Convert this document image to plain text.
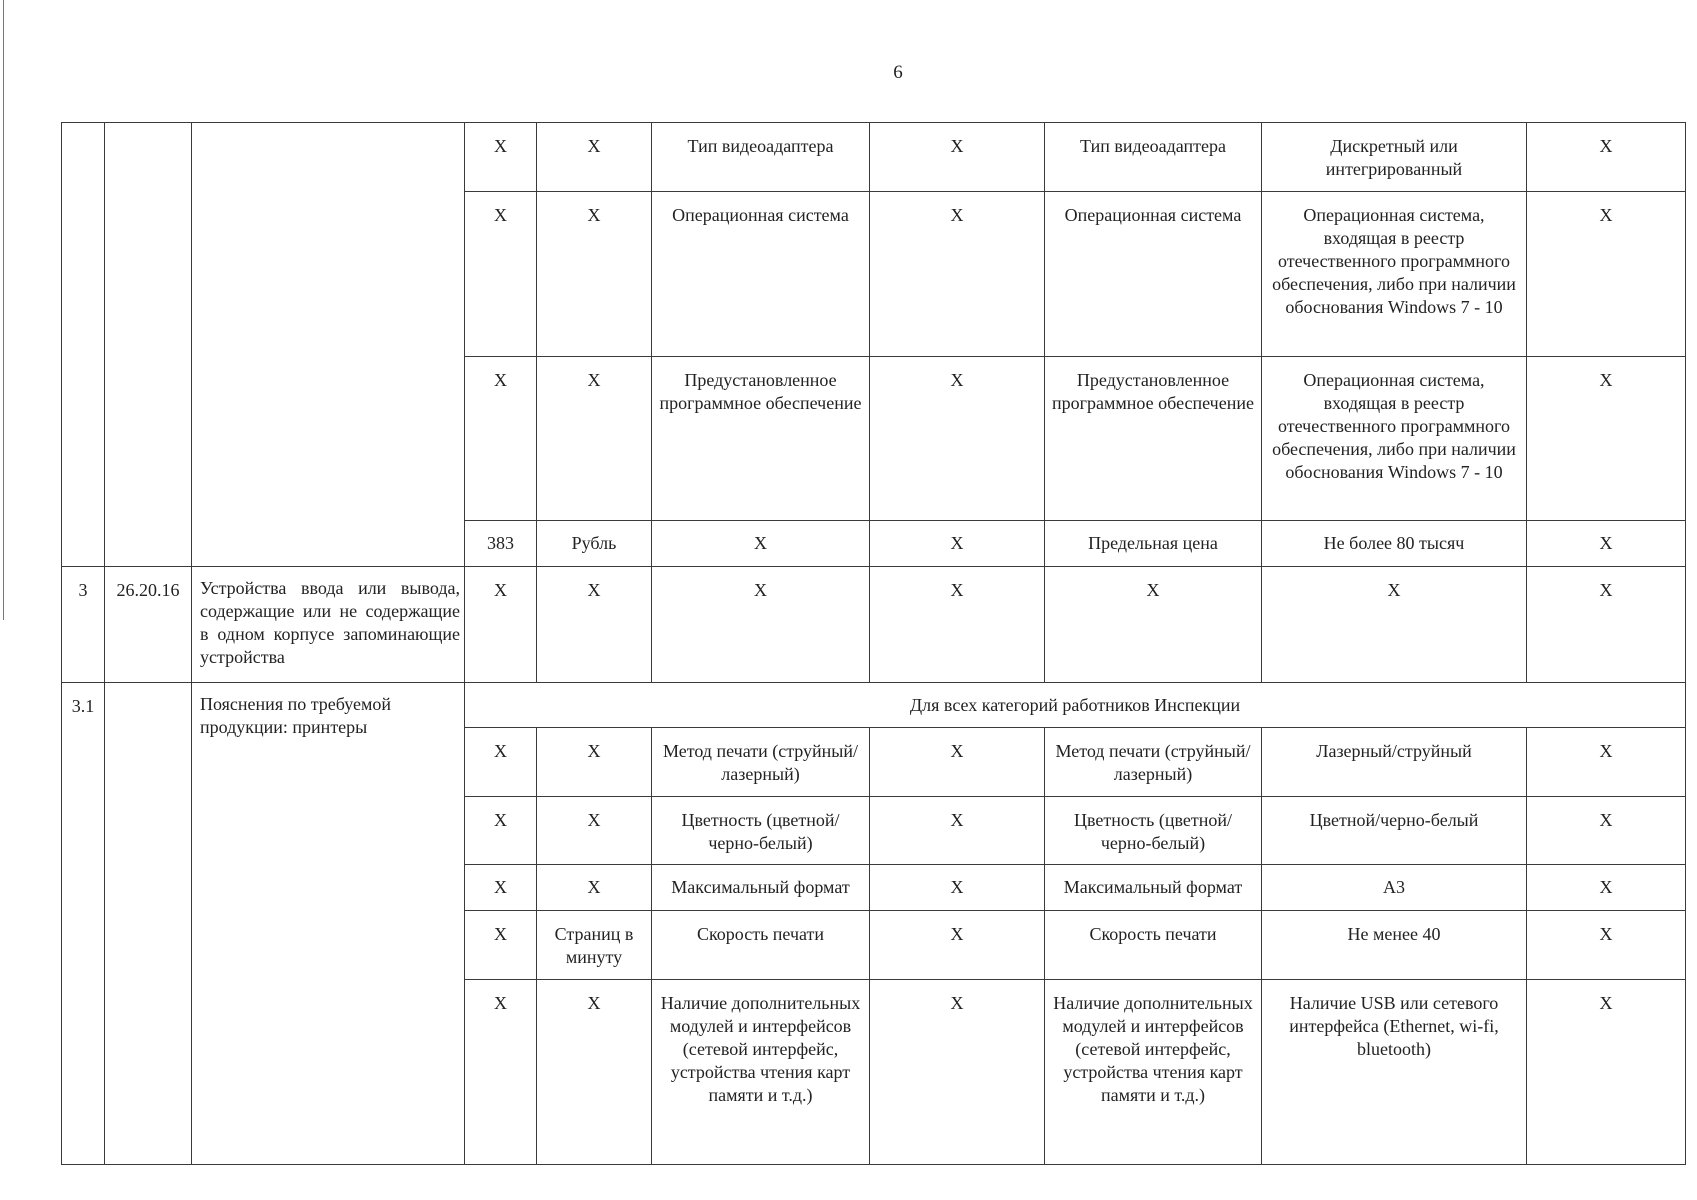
6
			X	X	Тип видеоадаптера	X	Тип видеоадаптера	Дискретный или интегрированный	X
			X	X	Операционная система	X	Операционная система	Операционная система, входящая в реестр отечественного программного обеспечения, либо при наличии обоснования Windows 7 - 10	X
			X	X	Предустановленное программное обеспечение	X	Предустановленное программное обеспечение	Операционная система, входящая в реестр отечественного программного обеспечения, либо при наличии обоснования Windows 7 - 10	X
			383	Рубль	X	X	Предельная цена	Не более 80 тысяч	X
3	26.20.16	Устройства ввода или вывода, содержащие или не содержащие в одном корпусе запоминающие устройства	X	X	X	X	X	X	X
3.1		Пояснения по требуемой продукции: принтеры	Для всех категорий работников Инспекции						
			X	X	Метод печати (струйный/лазерный)	X	Метод печати (струйный/лазерный)	Лазерный/струйный	X
			X	X	Цветность (цветной/черно-белый)	X	Цветность (цветной/черно-белый)	Цветной/черно-белый	X
			X	X	Максимальный формат	X	Максимальный формат	А3	X
			X	Страниц в минуту	Скорость печати	X	Скорость печати	Не менее 40	X
			X	X	Наличие дополнительных модулей и интерфейсов (сетевой интерфейс, устройства чтения карт памяти и т.д.)	X	Наличие дополнительных модулей и интерфейсов (сетевой интерфейс, устройства чтения карт памяти и т.д.)	Наличие USB или сетевого интерфейса (Ethernet, wi-fi, bluetooth)	X
